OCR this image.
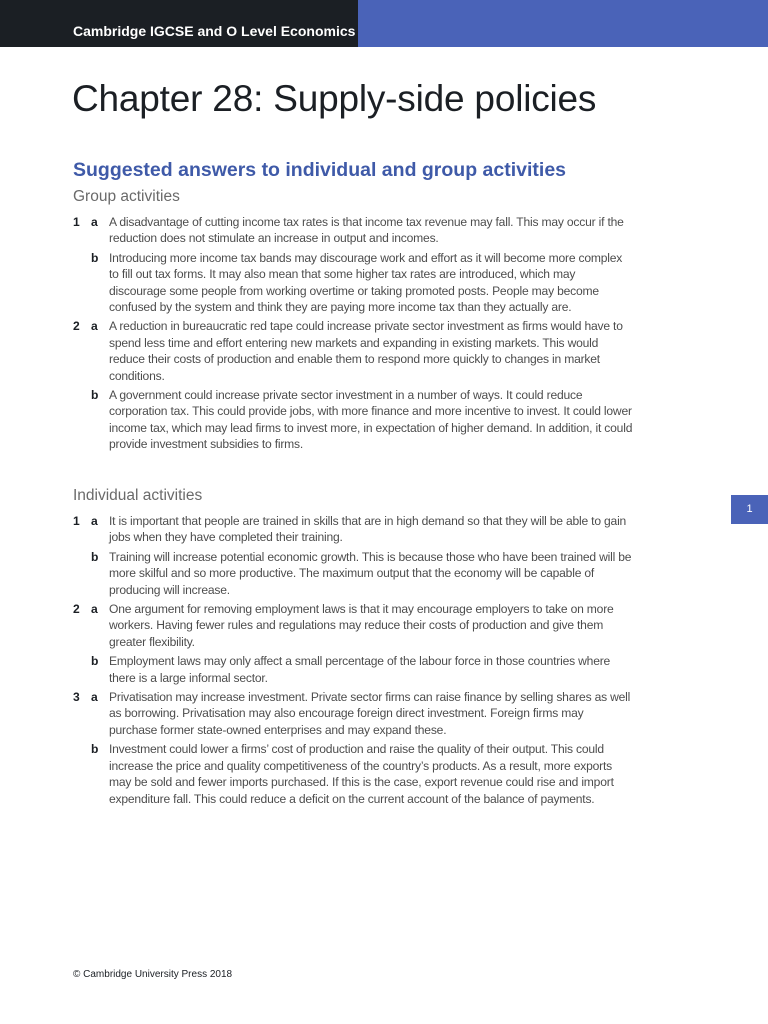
Cambridge IGCSE and O Level Economics
Chapter 28: Supply-side policies
Suggested answers to individual and group activities
Group activities
1 a A disadvantage of cutting income tax rates is that income tax revenue may fall. This may occur if the reduction does not stimulate an increase in output and incomes.
b Introducing more income tax bands may discourage work and effort as it will become more complex to fill out tax forms. It may also mean that some higher tax rates are introduced, which may discourage some people from working overtime or taking promoted posts. People may become confused by the system and think they are paying more income tax than they actually are.
2 a A reduction in bureaucratic red tape could increase private sector investment as firms would have to spend less time and effort entering new markets and expanding in existing markets. This would reduce their costs of production and enable them to respond more quickly to changes in market conditions.
b A government could increase private sector investment in a number of ways. It could reduce corporation tax. This could provide jobs, with more finance and more incentive to invest. It could lower income tax, which may lead firms to invest more, in expectation of higher demand. In addition, it could provide investment subsidies to firms.
Individual activities
1 a It is important that people are trained in skills that are in high demand so that they will be able to gain jobs when they have completed their training.
b Training will increase potential economic growth. This is because those who have been trained will be more skilful and so more productive. The maximum output that the economy will be capable of producing will increase.
2 a One argument for removing employment laws is that it may encourage employers to take on more workers. Having fewer rules and regulations may reduce their costs of production and give them greater flexibility.
b Employment laws may only affect a small percentage of the labour force in those countries where there is a large informal sector.
3 a Privatisation may increase investment. Private sector firms can raise finance by selling shares as well as borrowing. Privatisation may also encourage foreign direct investment. Foreign firms may purchase former state-owned enterprises and may expand these.
b Investment could lower a firms’ cost of production and raise the quality of their output. This could increase the price and quality competitiveness of the country’s products. As a result, more exports may be sold and fewer imports purchased. If this is the case, export revenue could rise and import expenditure fall. This could reduce a deficit on the current account of the balance of payments.
1
© Cambridge University Press 2018
